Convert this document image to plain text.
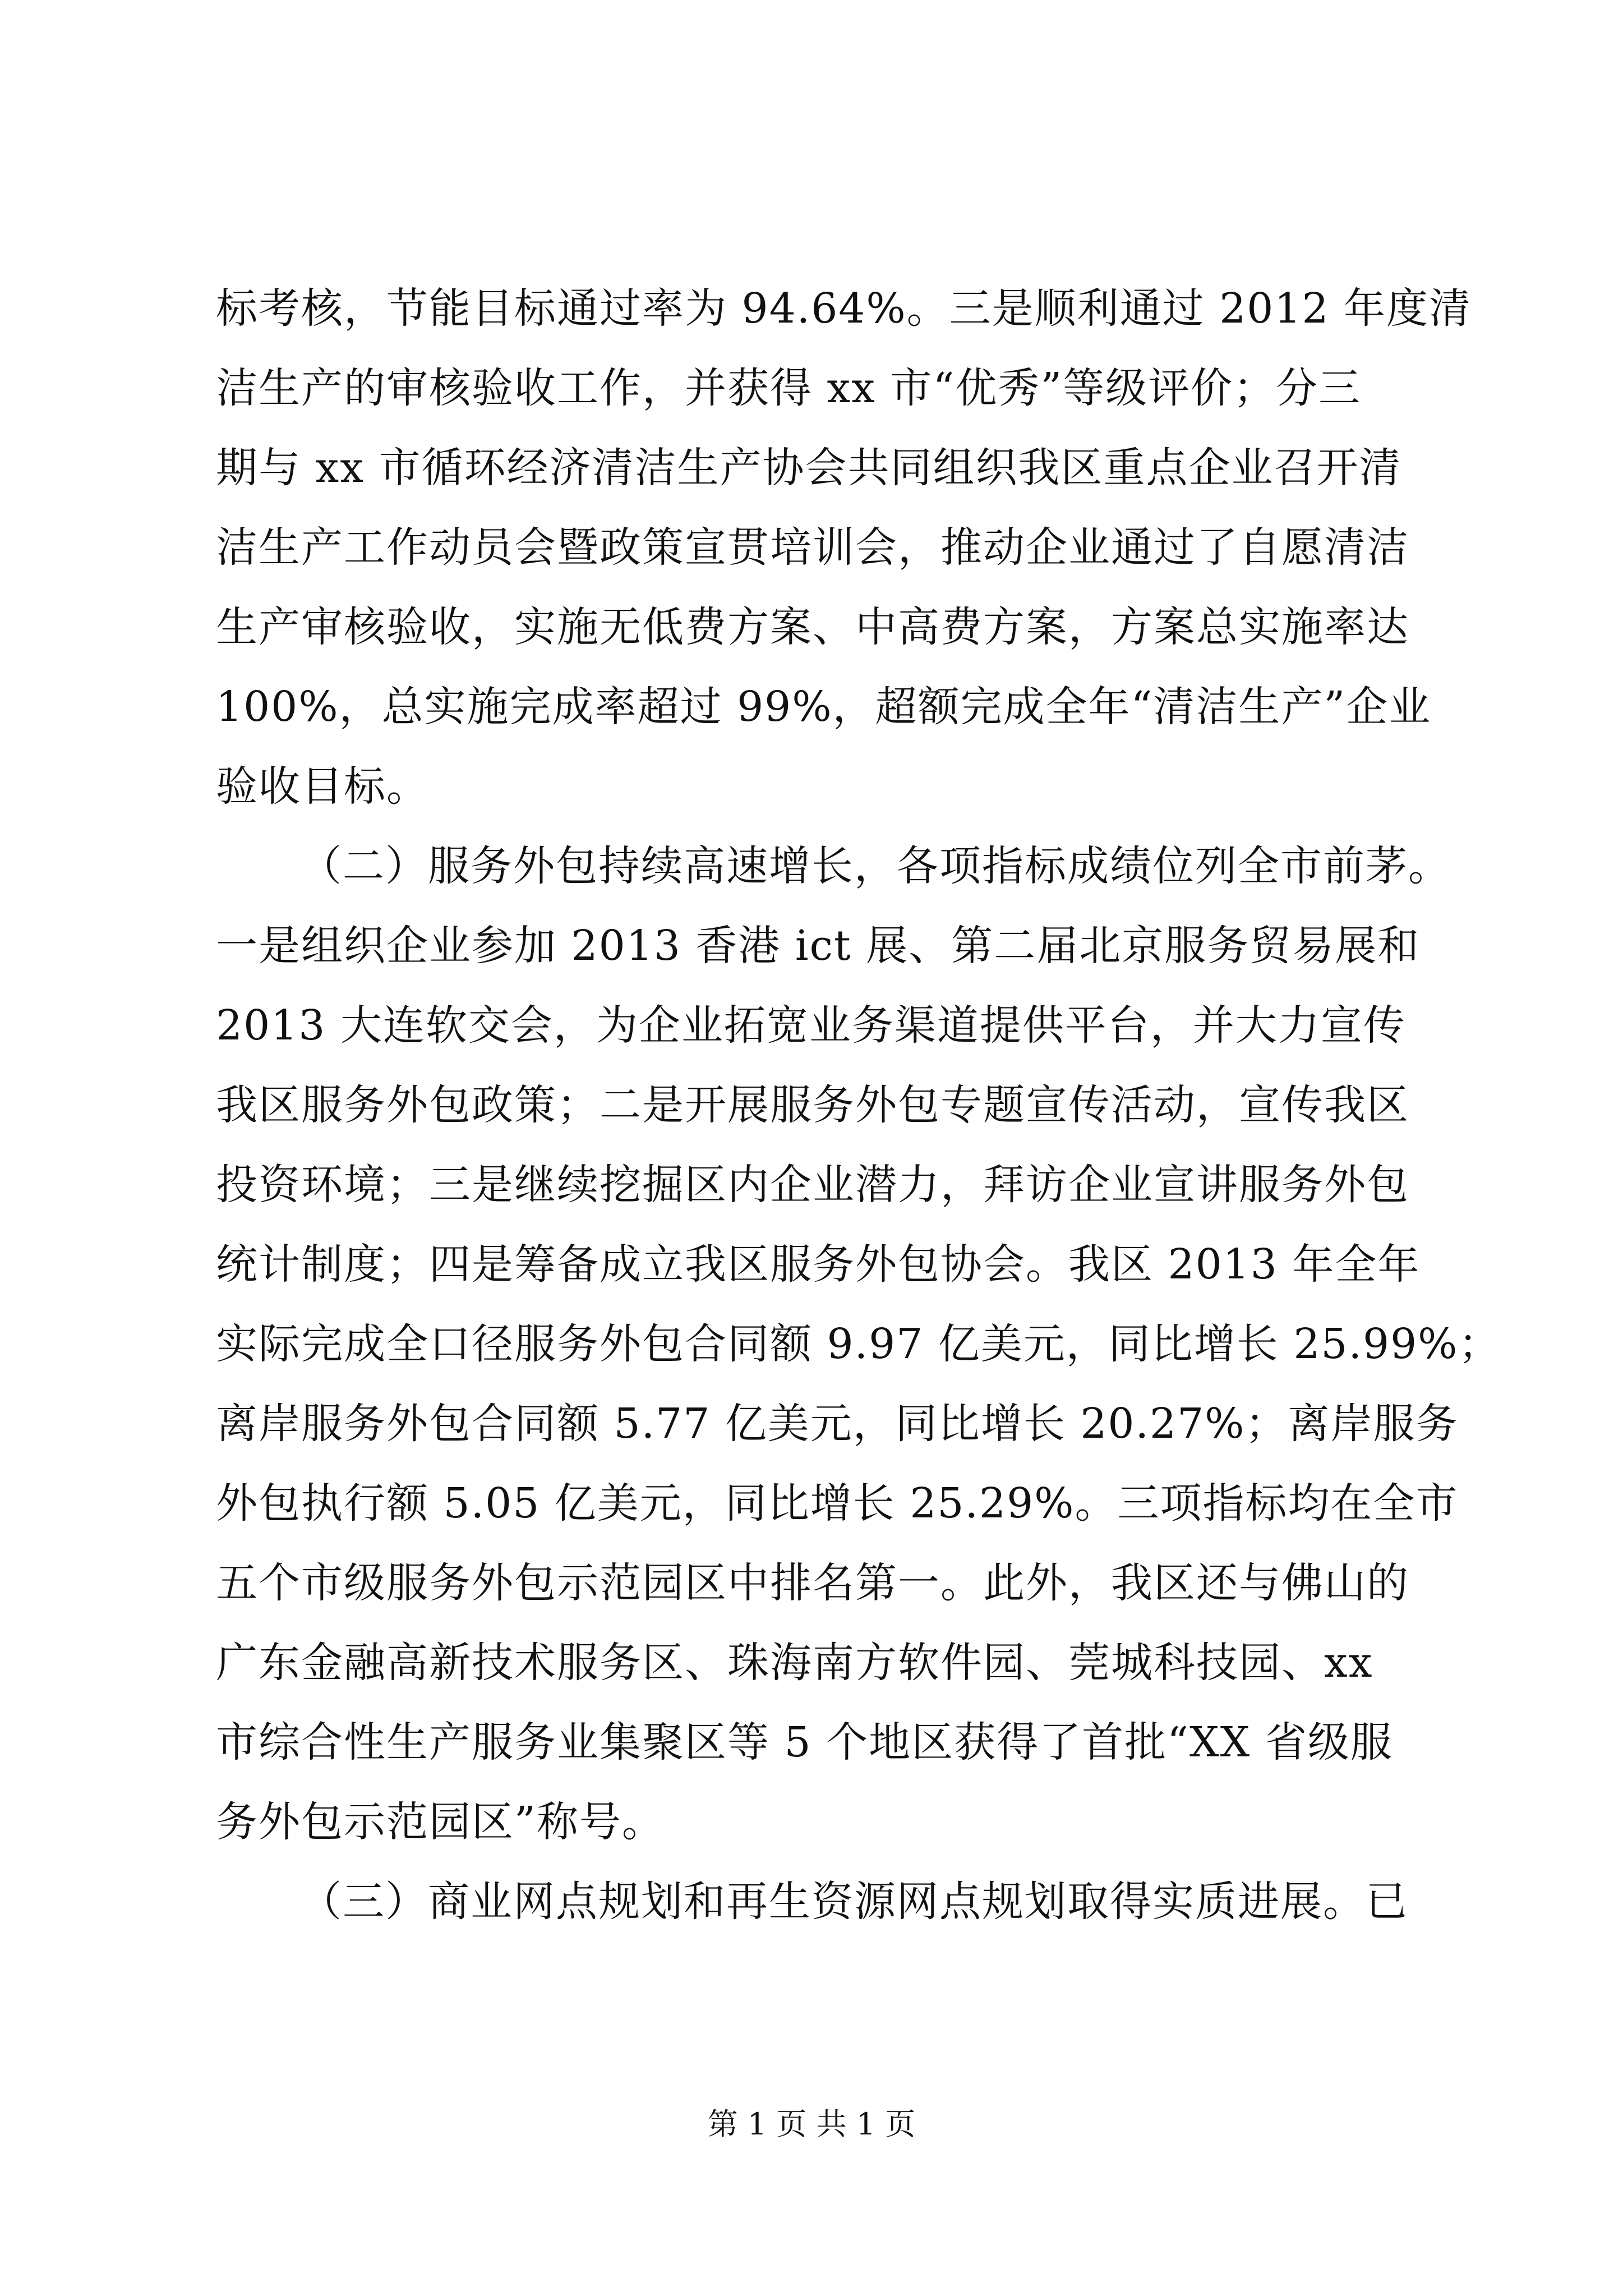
标考核，节能目标通过率为 94.64%。三是顺利通过 2012 年度清
洁生产的审核验收工作，并获得 xx 市“优秀”等级评价；分三
期与 xx 市循环经济清洁生产协会共同组织我区重点企业召开清
洁生产工作动员会暨政策宣贯培训会，推动企业通过了自愿清洁
生产审核验收，实施无低费方案、中高费方案，方案总实施率达
100%，总实施完成率超过 99%，超额完成全年“清洁生产”企业
验收目标。
（二）服务外包持续高速增长，各项指标成绩位列全市前茅。
一是组织企业参加 2013 香港 ict 展、第二届北京服务贸易展和
2013 大连软交会，为企业拓宽业务渠道提供平台，并大力宣传
我区服务外包政策；二是开展服务外包专题宣传活动，宣传我区
投资环境；三是继续挖掘区内企业潜力，拜访企业宣讲服务外包
统计制度；四是筹备成立我区服务外包协会。我区 2013 年全年
实际完成全口径服务外包合同额 9.97 亿美元，同比增长 25.99%；
离岸服务外包合同额 5.77 亿美元，同比增长 20.27%；离岸服务
外包执行额 5.05 亿美元，同比增长 25.29%。三项指标均在全市
五个市级服务外包示范园区中排名第一。此外，我区还与佛山的
广东金融高新技术服务区、珠海南方软件园、莞城科技园、xx
市综合性生产服务业集聚区等 5 个地区获得了首批“XX 省级服
务外包示范园区”称号。
（三）商业网点规划和再生资源网点规划取得实质进展。已
第 1 页 共 1 页
